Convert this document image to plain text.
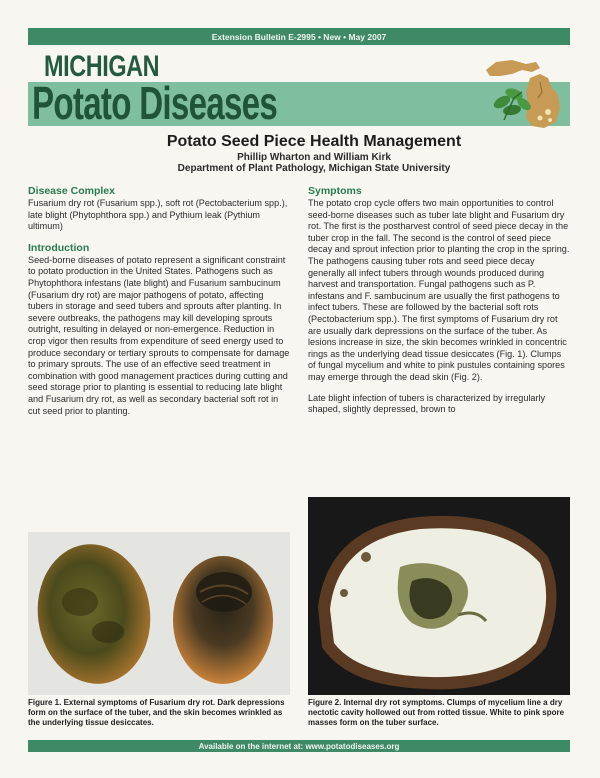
Extension Bulletin E-2995 • New • May 2007
MICHIGAN
Potato Diseases
Potato Seed Piece Health Management
Phillip Wharton and William Kirk
Department of Plant Pathology, Michigan State University
Disease Complex

Fusarium dry rot (Fusarium spp.), soft rot (Pectobacterium spp.), late blight (Phytophthora spp.) and Pythium leak (Pythium ultimum)

Introduction

Seed-borne diseases of potato represent a significant constraint to potato production in the United States. Pathogens such as Phytophthora infestans (late blight) and Fusarium sambucinum (Fusarium dry rot) are major pathogens of potato, affecting tubers in storage and seed tubers and sprouts after planting. In severe outbreaks, the pathogens may kill developing sprouts outright, resulting in delayed or non-emergence. Reduction in crop vigor then results from expenditure of seed energy used to produce secondary or tertiary sprouts to compensate for damage to primary sprouts. The use of an effective seed treatment in combination with good management practices during cutting and seed storage prior to planting is essential to reducing late blight and Fusarium dry rot, as well as secondary bacterial soft rot in cut seed prior to planting.

Symptoms

The potato crop cycle offers two main opportunities to control seed-borne diseases such as tuber late blight and Fusarium dry rot. The first is the postharvest control of seed piece decay in the tuber crop in the fall. The second is the control of seed piece decay and sprout infection prior to planting the crop in the spring. The pathogens causing tuber rots and seed piece decay generally all infect tubers through wounds produced during harvest and transportation. Fungal pathogens such as P. infestans and F. sambucinum are usually the first pathogens to infect tubers. These are followed by the bacterial soft rots (Pectobacterium spp.). The first symptoms of Fusarium dry rot are usually dark depressions on the surface of the tuber. As lesions increase in size, the skin becomes wrinkled in concentric rings as the underlying dead tissue desiccates (Fig. 1). Clumps of fungal mycelium and white to pink pustules containing spores may emerge through the dead skin (Fig. 2).

Late blight infection of tubers is characterized by irregularly shaped, slightly depressed, brown to

Figure 1. External symptoms of Fusarium dry rot. Dark depressions form on the surface of the tuber, and the skin becomes wrinkled as the underlying tissue desiccates.
Figure 2. Internal dry rot symptoms. Clumps of mycelium line a dry nectotic cavity hollowed out from rotted tissue. White to pink spore masses form on the tuber surface.
Available on the internet at: www.potatodiseases.org
